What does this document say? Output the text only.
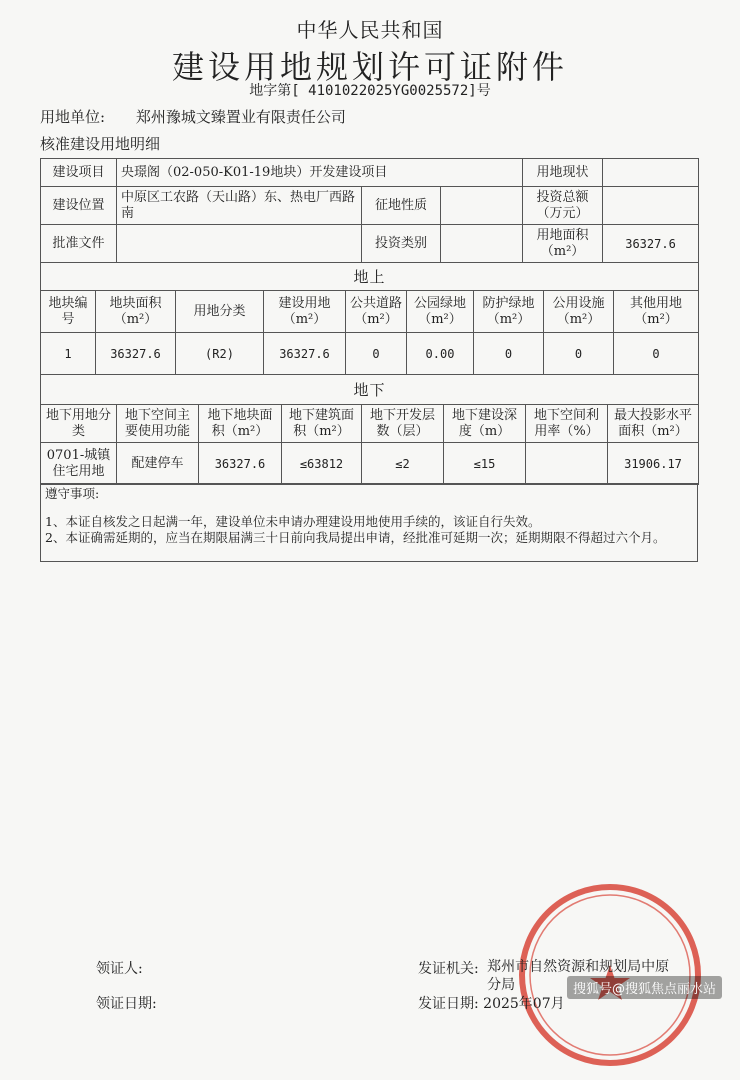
中华人民共和国
建设用地规划许可证附件
地字第[ 4101022025YG0025572]号
用地单位: 郑州豫城文臻置业有限责任公司
核准建设用地明细
建设项目	央璟阁（02-050-K01-19地块）开发建设项目			用地现状	
建设位置	中原区工农路（天山路）东、热电厂西路南	征地性质		投资总额（万元）	
批准文件		投资类别		用地面积（m²）	36327.6
地上								
地块编号	地块面积（m²）	用地分类	建设用地（m²）	公共道路（m²）	公园绿地（m²）	防护绿地（m²）	公用设施（m²）	其他用地（m²）
1	36327.6	(R2)	36327.6	0	0.00	0	0	0
地下							
地下用地分类	地下空间主要使用功能	地下地块面积（m²）	地下建筑面积（m²）	地下开发层数（层）	地下建设深度（m）	地下空间利用率（%）	最大投影水平面积（m²）
0701-城镇住宅用地	配建停车	36327.6	≤63812	≤2	≤15		31906.17
遵守事项:
1、本证自核发之日起满一年，建设单位未申请办理建设用地使用手续的，该证自行失效。
2、本证确需延期的，应当在期限届满三十日前向我局提出申请，经批准可延期一次；延期期限不得超过六个月。
领证人:
领证日期:
发证机关: 郑州市自然资源和规划局中原分局
发证日期: 2025年07月
搜狐号@搜狐焦点丽水站
